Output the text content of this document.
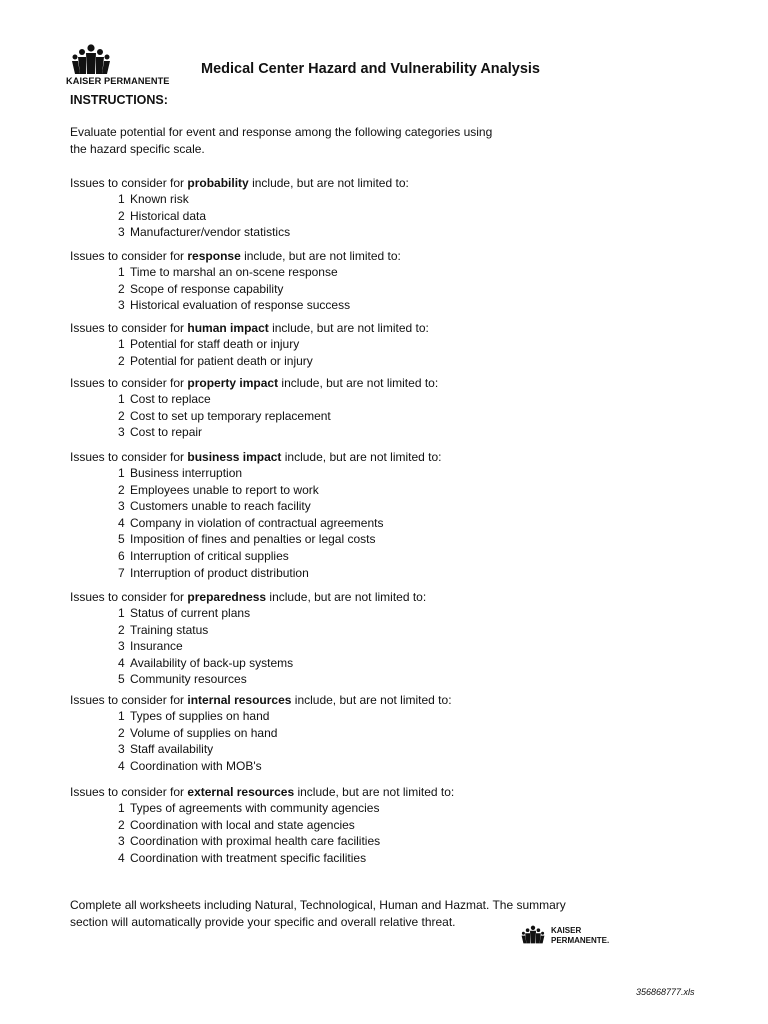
KAISER PERMANENTE
Medical Center Hazard and Vulnerability Analysis
INSTRUCTIONS:
Evaluate potential for event and response among the following categories using
the hazard specific scale.
Issues to consider for probability include, but are not limited to:
1 Known risk
2 Historical data
3 Manufacturer/vendor statistics
Issues to consider for response include, but are not limited to:
1 Time to marshal an on-scene response
2 Scope of response capability
3 Historical evaluation of response success
Issues to consider for human impact include, but are not limited to:
1 Potential for staff death or injury
2 Potential for patient death or injury
Issues to consider for property impact include, but are not limited to:
1 Cost to replace
2 Cost to set up temporary replacement
3 Cost to repair
Issues to consider for business impact include, but are not limited to:
1 Business interruption
2 Employees unable to report to work
3 Customers unable to reach facility
4 Company in violation of contractual agreements
5 Imposition of fines and penalties or legal costs
6 Interruption of critical supplies
7 Interruption of product distribution
Issues to consider for preparedness include, but are not limited to:
1 Status of current plans
2 Training status
3 Insurance
4 Availability of back-up systems
5 Community resources
Issues to consider for internal resources include, but are not limited to:
1 Types of supplies on hand
2 Volume of supplies on hand
3 Staff availability
4 Coordination with MOB's
Issues to consider for external resources include, but are not limited to:
1 Types of agreements with community agencies
2 Coordination with local and state agencies
3 Coordination with proximal health care facilities
4 Coordination with treatment specific facilities
Complete all worksheets including Natural, Technological, Human and Hazmat. The summary
section will automatically provide your specific and overall relative threat.
KAISER
PERMANENTE.
356868777.xls
